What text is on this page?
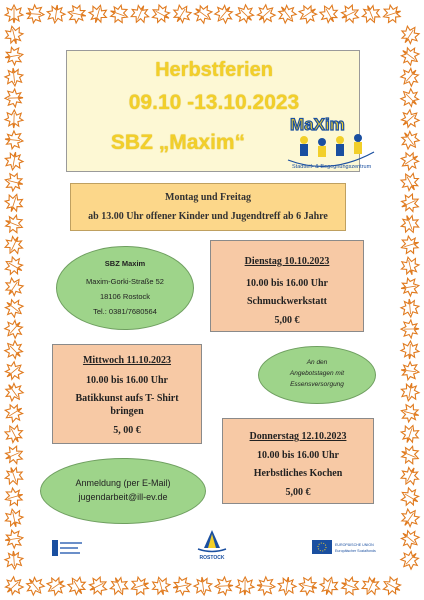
Herbstferien
09.10 -13.10.2023
SBZ „Maxim“
MaXim
Stadtteil- & Begegnungszentrum
Montag und Freitag
ab 13.00 Uhr offener Kinder und Jugendtreff ab 6 Jahre
SBZ Maxim
Maxim-Gorki-Straße 52
18106 Rostock
Tel.: 0381/7680564
Dienstag 10.10.2023
10.00 bis 16.00 Uhr
Schmuckwerkstatt
5,00 €
Mittwoch 11.10.2023
10.00 bis 16.00 Uhr
Batikkunst aufs T- Shirt
bringen
5, 00 €
An den
Angebotstagen mit
Essensversorgung
Donnerstag 12.10.2023
10.00 bis 16.00 Uhr
Herbstliches Kochen
5,00 €
Anmeldung (per E-Mail)
jugendarbeit@ill-ev.de
ROSTOCK
EUROPÄISCHE UNION
Europäischer Sozialfonds
